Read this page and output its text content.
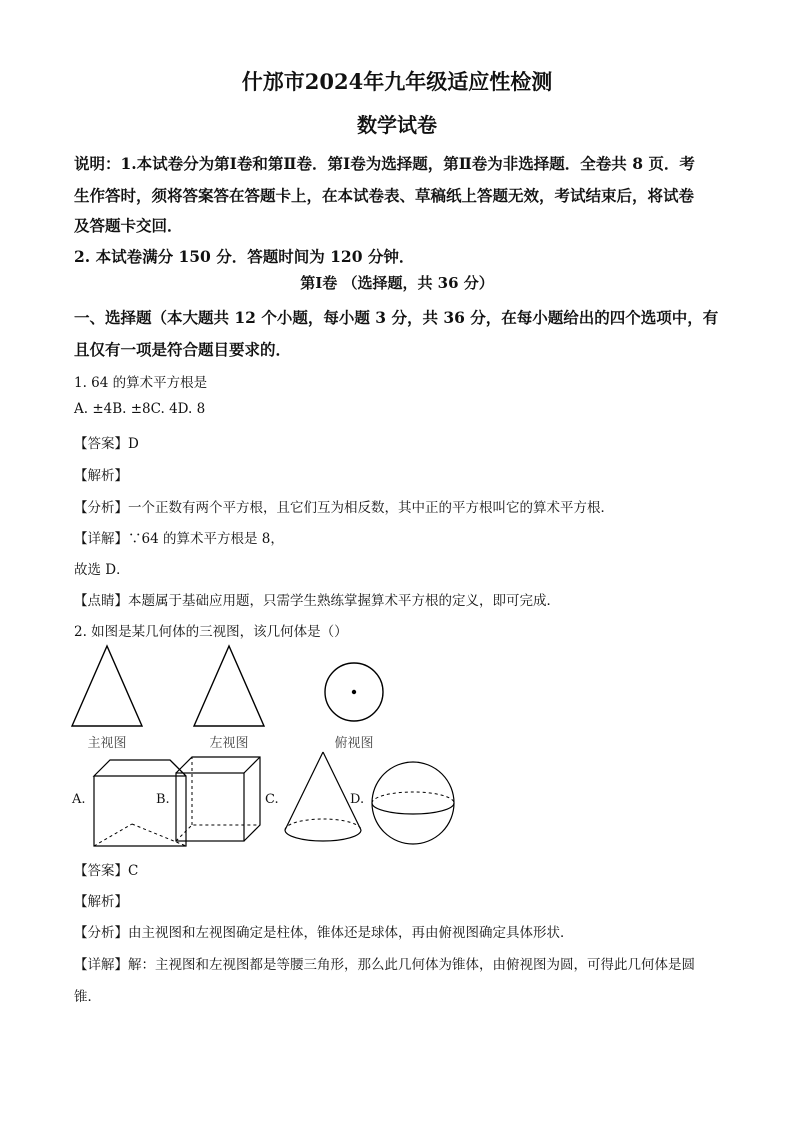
什邡市2024年九年级适应性检测
数学试卷
说明：1.本试卷分为第Ⅰ卷和第Ⅱ卷．第Ⅰ卷为选择题，第Ⅱ卷为非选择题．全卷共 8 页．考
生作答时，须将答案答在答题卡上，在本试卷表、草稿纸上答题无效，考试结束后，将试卷
及答题卡交回．
2. 本试卷满分 150 分．答题时间为 120 分钟．
第Ⅰ卷 （选择题，共 36 分）
一、选择题（本大题共 12 个小题，每小题 3 分，共 36 分，在每小题给出的四个选项中，有
且仅有一项是符合题目要求的．
1. 64 的算术平方根是
A. ±4B. ±8C. 4D. 8
【答案】D
【解析】
【分析】一个正数有两个平方根，且它们互为相反数，其中正的平方根叫它的算术平方根．
【详解】∵64 的算术平方根是 8，
故选 D．
【点睛】本题属于基础应用题，只需学生熟练掌握算术平方根的定义，即可完成．
2. 如图是某几何体的三视图，该几何体是（）
主视图	左视图	俯视图
A.	B.	C.	D.
【答案】C
【解析】
【分析】由主视图和左视图确定是柱体，锥体还是球体，再由俯视图确定具体形状．
【详解】解：主视图和左视图都是等腰三角形，那么此几何体为锥体，由俯视图为圆，可得此几何体是圆
锥．
